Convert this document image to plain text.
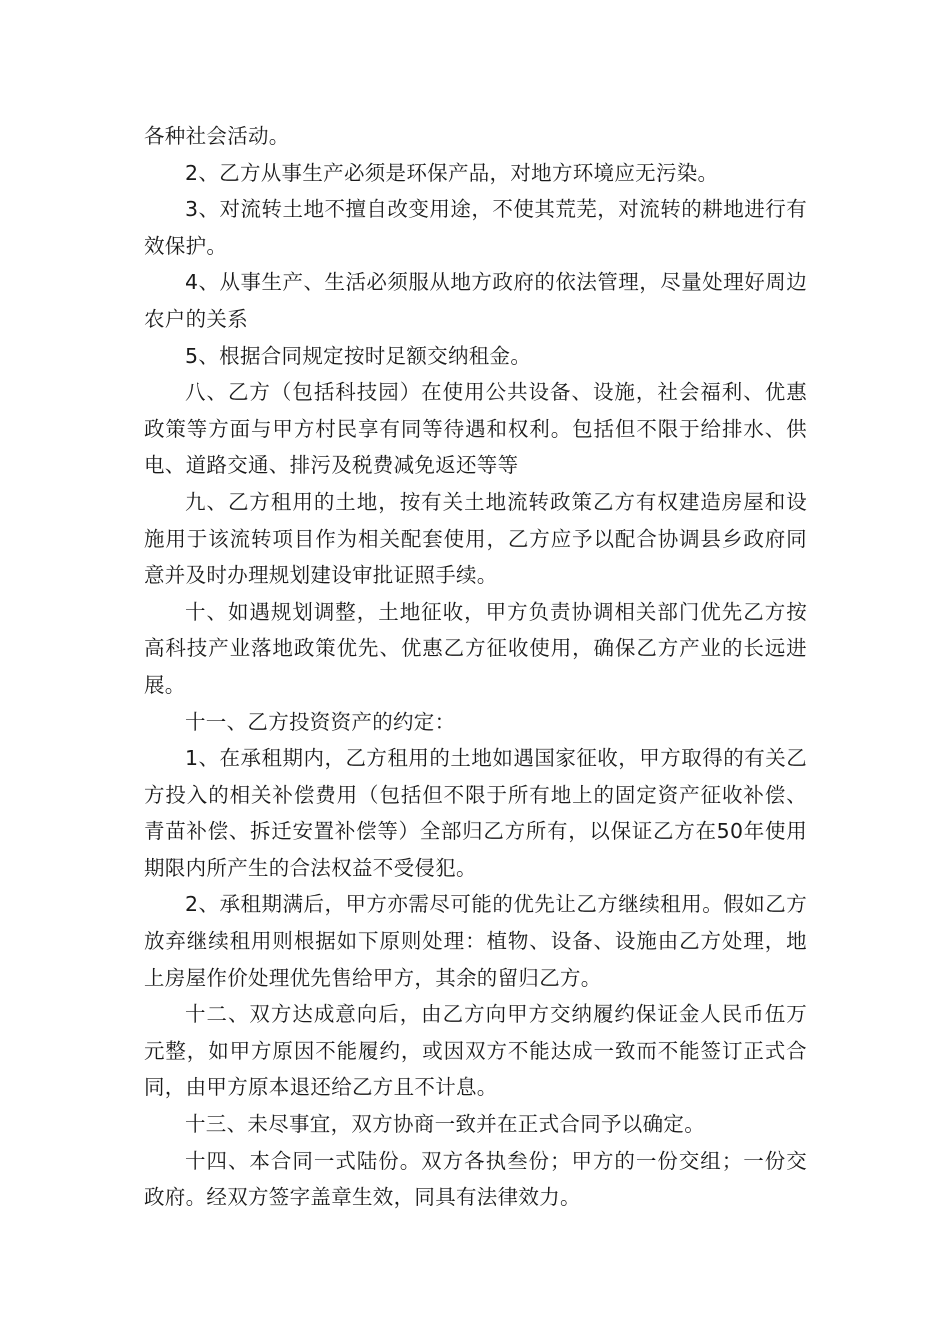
各种社会活动。

2、乙方从事生产必须是环保产品，对地方环境应无污染。

3、对流转土地不擅自改变用途，不使其荒芜，对流转的耕地进行有效保护。

4、从事生产、生活必须服从地方政府的依法管理，尽量处理好周边农户的关系

5、根据合同规定按时足额交纳租金。

八、乙方（包括科技园）在使用公共设备、设施，社会福利、优惠政策等方面与甲方村民享有同等待遇和权利。包括但不限于给排水、供电、道路交通、排污及税费减免返还等等

九、乙方租用的土地，按有关土地流转政策乙方有权建造房屋和设施用于该流转项目作为相关配套使用，乙方应予以配合协调县乡政府同意并及时办理规划建设审批证照手续。

十、如遇规划调整，土地征收，甲方负责协调相关部门优先乙方按高科技产业落地政策优先、优惠乙方征收使用，确保乙方产业的长远进展。

十一、乙方投资资产的约定：

1、在承租期内，乙方租用的土地如遇国家征收，甲方取得的有关乙方投入的相关补偿费用（包括但不限于所有地上的固定资产征收补偿、青苗补偿、拆迁安置补偿等）全部归乙方所有，以保证乙方在50年使用期限内所产生的合法权益不受侵犯。

2、承租期满后，甲方亦需尽可能的优先让乙方继续租用。假如乙方放弃继续租用则根据如下原则处理：植物、设备、设施由乙方处理，地上房屋作价处理优先售给甲方，其余的留归乙方。

十二、双方达成意向后，由乙方向甲方交纳履约保证金人民币伍万元整，如甲方原因不能履约，或因双方不能达成一致而不能签订正式合同，由甲方原本退还给乙方且不计息。

十三、未尽事宜，双方协商一致并在正式合同予以确定。

十四、本合同一式陆份。双方各执叁份；甲方的一份交组；一份交政府。经双方签字盖章生效，同具有法律效力。
